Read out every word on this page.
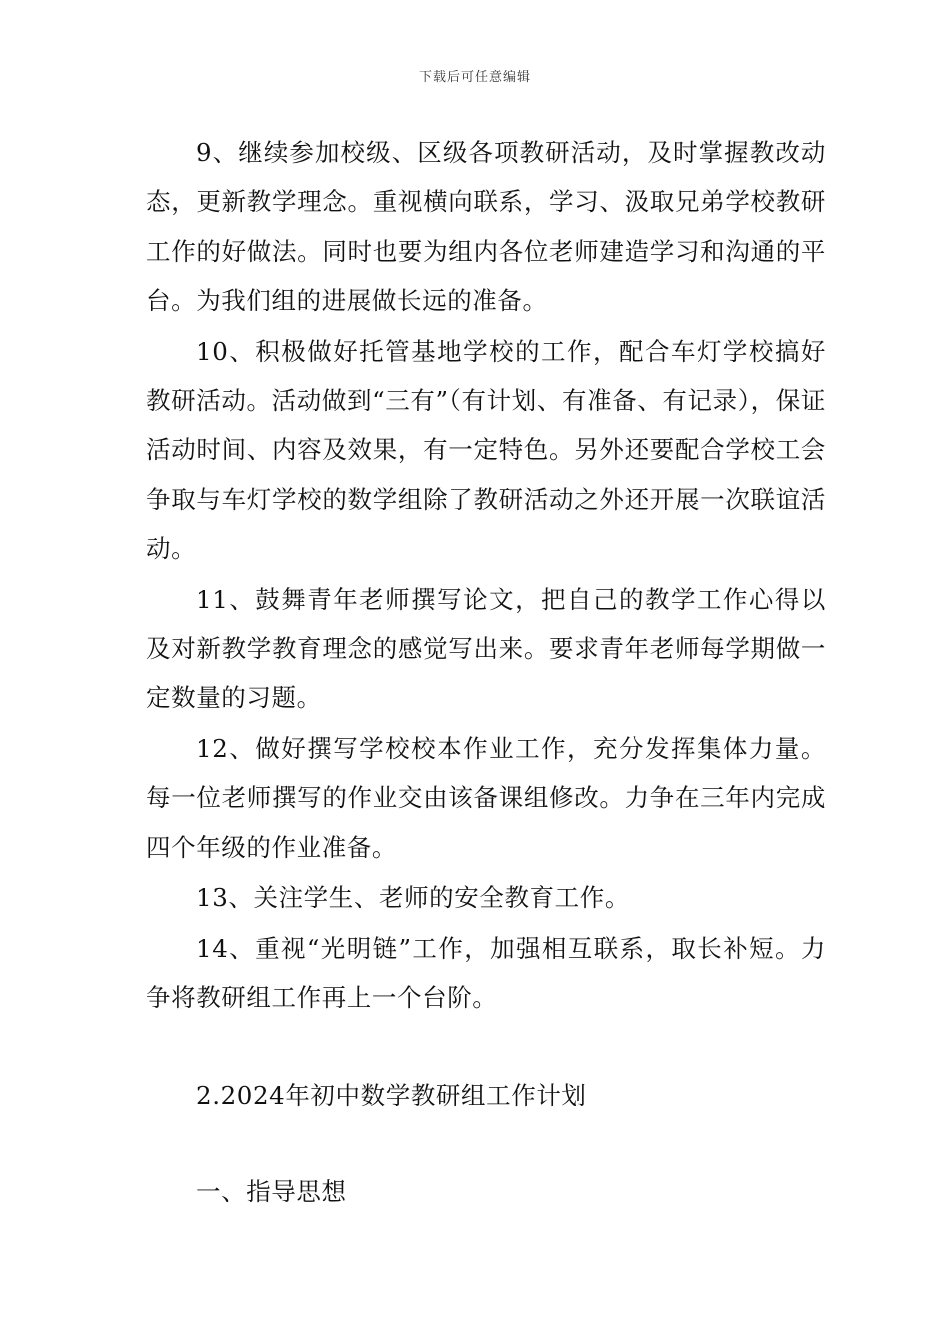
下载后可任意编辑

9、继续参加校级、区级各项教研活动，及时掌握教改动态，更新教学理念。重视横向联系，学习、汲取兄弟学校教研工作的好做法。同时也要为组内各位老师建造学习和沟通的平台。为我们组的进展做长远的准备。

10、积极做好托管基地学校的工作，配合车灯学校搞好教研活动。活动做到“三有”（有计划、有准备、有记录），保证活动时间、内容及效果，有一定特色。另外还要配合学校工会争取与车灯学校的数学组除了教研活动之外还开展一次联谊活动。

11、鼓舞青年老师撰写论文，把自己的教学工作心得以及对新教学教育理念的感觉写出来。要求青年老师每学期做一定数量的习题。

12、做好撰写学校校本作业工作，充分发挥集体力量。每一位老师撰写的作业交由该备课组修改。力争在三年内完成四个年级的作业准备。

13、关注学生、老师的安全教育工作。

14、重视“光明链”工作，加强相互联系，取长补短。力争将教研组工作再上一个台阶。

2.2024年初中数学教研组工作计划
一、指导思想
